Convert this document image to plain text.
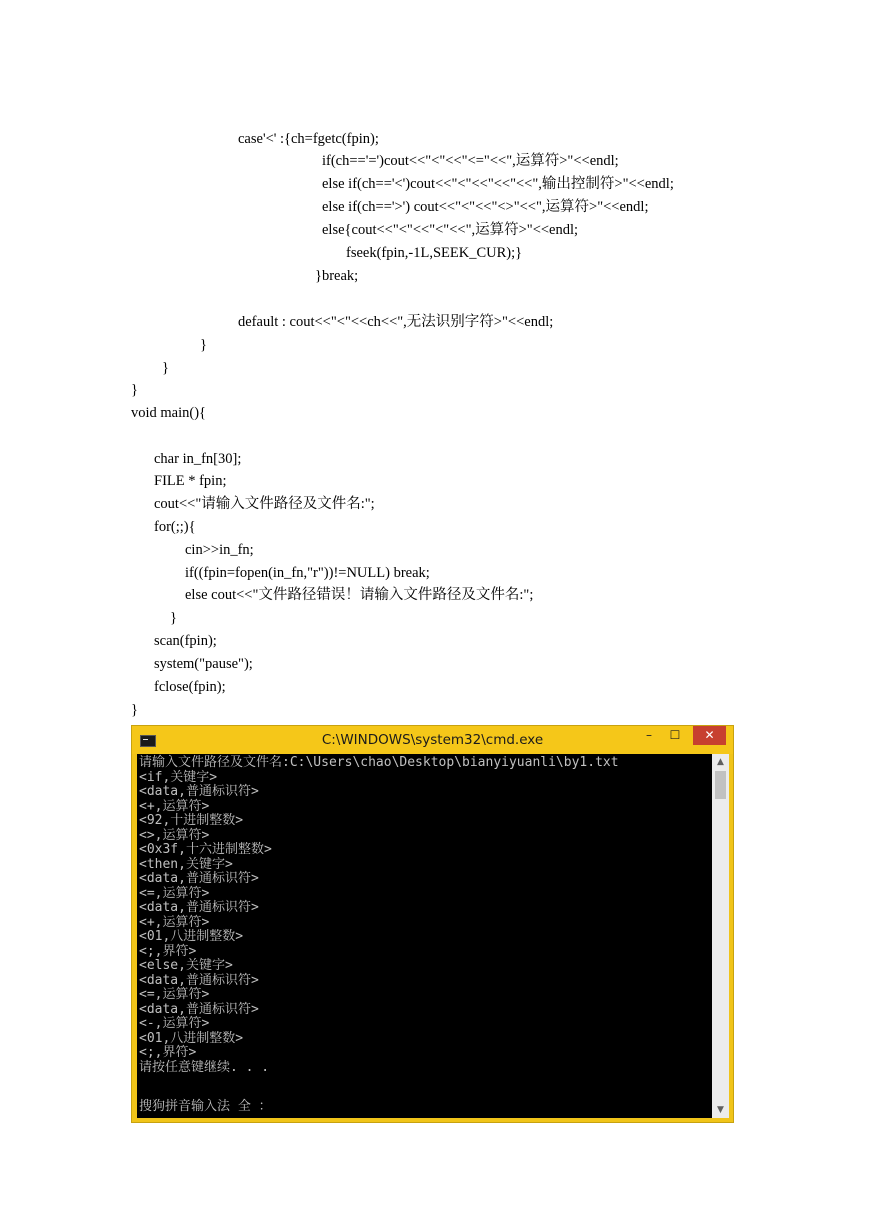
case'<' :{ch=fgetc(fpin);
if(ch=='=')cout<<"<"<<"<="<<",运算符>"<<endl;
else if(ch=='<')cout<<"<"<<"<<"<<",输出控制符>"<<endl;
else if(ch=='>') cout<<"<"<<"<>"<<",运算符>"<<endl;
else{cout<<"<"<<"<"<<",运算符>"<<endl;
fseek(fpin,-1L,SEEK_CUR);}
}break;
default : cout<<"<"<<ch<<",无法识别字符>"<<endl;
}
}
}
void main(){
char in_fn[30];
FILE * fpin;
cout<<"请输入文件路径及文件名:";
for(;;){
cin>>in_fn;
if((fpin=fopen(in_fn,"r"))!=NULL) break;
else cout<<"文件路径错误！请输入文件路径及文件名:";
}
scan(fpin);
system("pause");
fclose(fpin);
}
C:\WINDOWS\system32\cmd.exe	–	☐	✕
请输入文件路径及文件名:C:\Users\chao\Desktop\bianyiyuanli\by1.txt
<if,关键字>
<data,普通标识符>
<+,运算符>
<92,十进制整数>
<>,运算符>
<0x3f,十六进制整数>
<then,关键字>
<data,普通标识符>
<=,运算符>
<data,普通标识符>
<+,运算符>
<01,八进制整数>
<;,界符>
<else,关键字>
<data,普通标识符>
<=,运算符>
<data,普通标识符>
<-,运算符>
<01,八进制整数>
<;,界符>
请按任意键继续. . .
搜狗拼音输入法 全 ：
▲
▼
